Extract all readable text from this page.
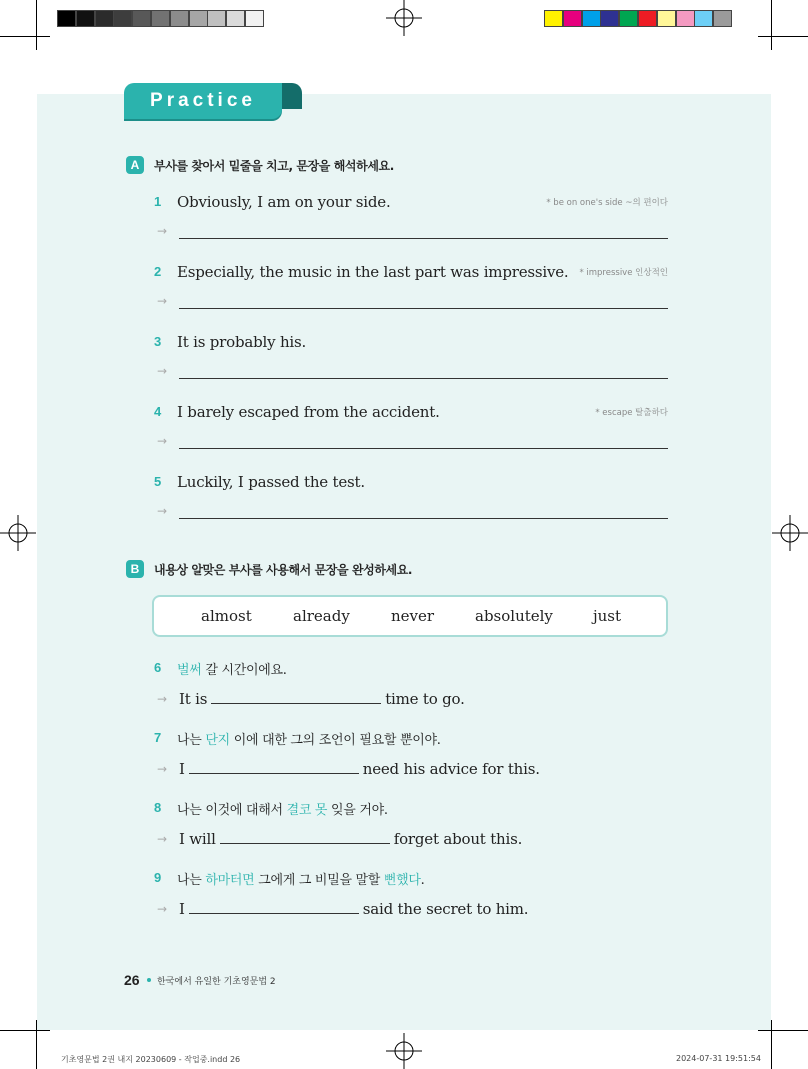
Practice
A	부사를 찾아서 밑줄을 치고, 문장을 해석하세요.
1 Obviously, I am on your side.	* be on one's side ~의 편이다
→
2 Especially, the music in the last part was impressive. * impressive 인상적인
→
3 It is probably his.
→
4 I barely escaped from the accident.	* escape 탈출하다
→
5 Luckily, I passed the test.
→
B	내용상 알맞은 부사를 사용해서 문장을 완성하세요.
almost	already	never	absolutely	just
6 벌써 갈 시간이에요.
→ It is	time to go.
7 나는 단지 이에 대한 그의 조언이 필요할 뿐이야.
→ I	need his advice for this.
8 나는 이것에 대해서 결코 못 잊을 거야.
→ I will	forget about this.
9 나는 하마터면 그에게 그 비밀을 말할 뻔했다.
→ I	said the secret to him.
26 한국에서 유일한 기초영문법 2
기초영문법 2권 내지 20230609 - 작업중.indd 26	2024-07-31 19:51:54
